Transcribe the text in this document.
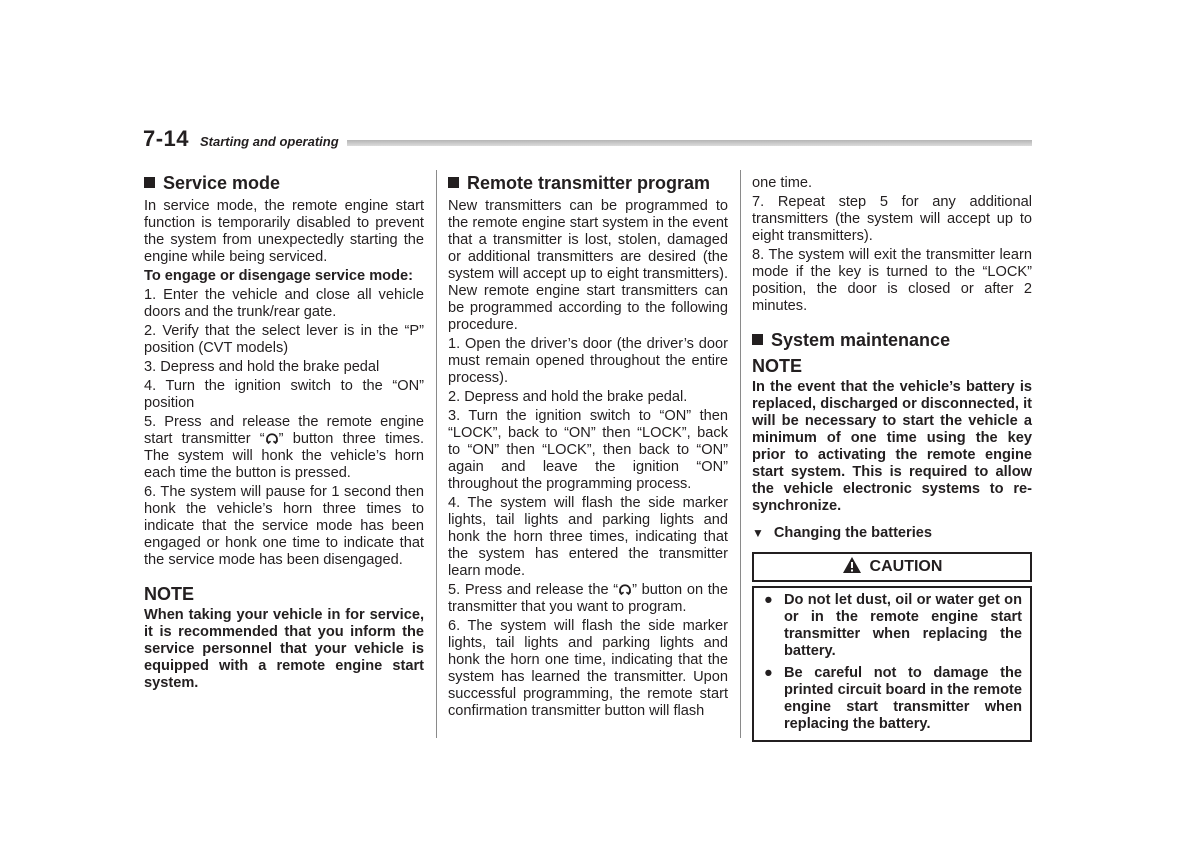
7-14 Starting and operating
Service mode

In service mode, the remote engine start function is temporarily disabled to prevent the system from unexpectedly starting the engine while being serviced.

To engage or disengage service mode:

1. Enter the vehicle and close all vehicle doors and the trunk/rear gate.

2. Verify that the select lever is in the “P” position (CVT models)

3. Depress and hold the brake pedal

4. Turn the ignition switch to the “ON” position

5. Press and release the remote engine start transmitter “ ” button three times. The system will honk the vehicle’s horn each time the button is pressed.

6. The system will pause for 1 second then honk the vehicle’s horn three times to indicate that the service mode has been engaged or honk one time to indicate that the service mode has been disengaged.

NOTE

When taking your vehicle in for service, it is recommended that you inform the service personnel that your vehicle is equipped with a remote engine start system.

Remote transmitter program

New transmitters can be programmed to the remote engine start system in the event that a transmitter is lost, stolen, damaged or additional transmitters are desired (the system will accept up to eight transmitters). New remote engine start transmitters can be programmed according to the following procedure.

1. Open the driver’s door (the driver’s door must remain opened throughout the entire process).

2. Depress and hold the brake pedal.

3. Turn the ignition switch to “ON” then “LOCK”, back to “ON” then “LOCK”, back to “ON” then “LOCK”, then back to “ON” again and leave the ignition “ON” throughout the programming process.

4. The system will flash the side marker lights, tail lights and parking lights and honk the horn three times, indicating that the system has entered the transmitter learn mode.

5. Press and release the “ ” button on the transmitter that you want to program.

6. The system will flash the side marker lights, tail lights and parking lights and honk the horn one time, indicating that the system has learned the transmitter. Upon successful programming, the remote start confirmation transmitter button will flash

one time.

7. Repeat step 5 for any additional transmitters (the system will accept up to eight transmitters).

8. The system will exit the transmitter learn mode if the key is turned to the “LOCK” position, the door is closed or after 2 minutes.

System maintenance
NOTE

In the event that the vehicle’s battery is replaced, discharged or disconnected, it will be necessary to start the vehicle a minimum of one time using the key prior to activating the remote engine start system. This is required to allow the vehicle electronic systems to re-synchronize.

▼ Changing the batteries
CAUTION
● Do not let dust, oil or water get on or in the remote engine start transmitter when replacing the battery.
● Be careful not to damage the printed circuit board in the remote engine start transmitter when replacing the battery.
